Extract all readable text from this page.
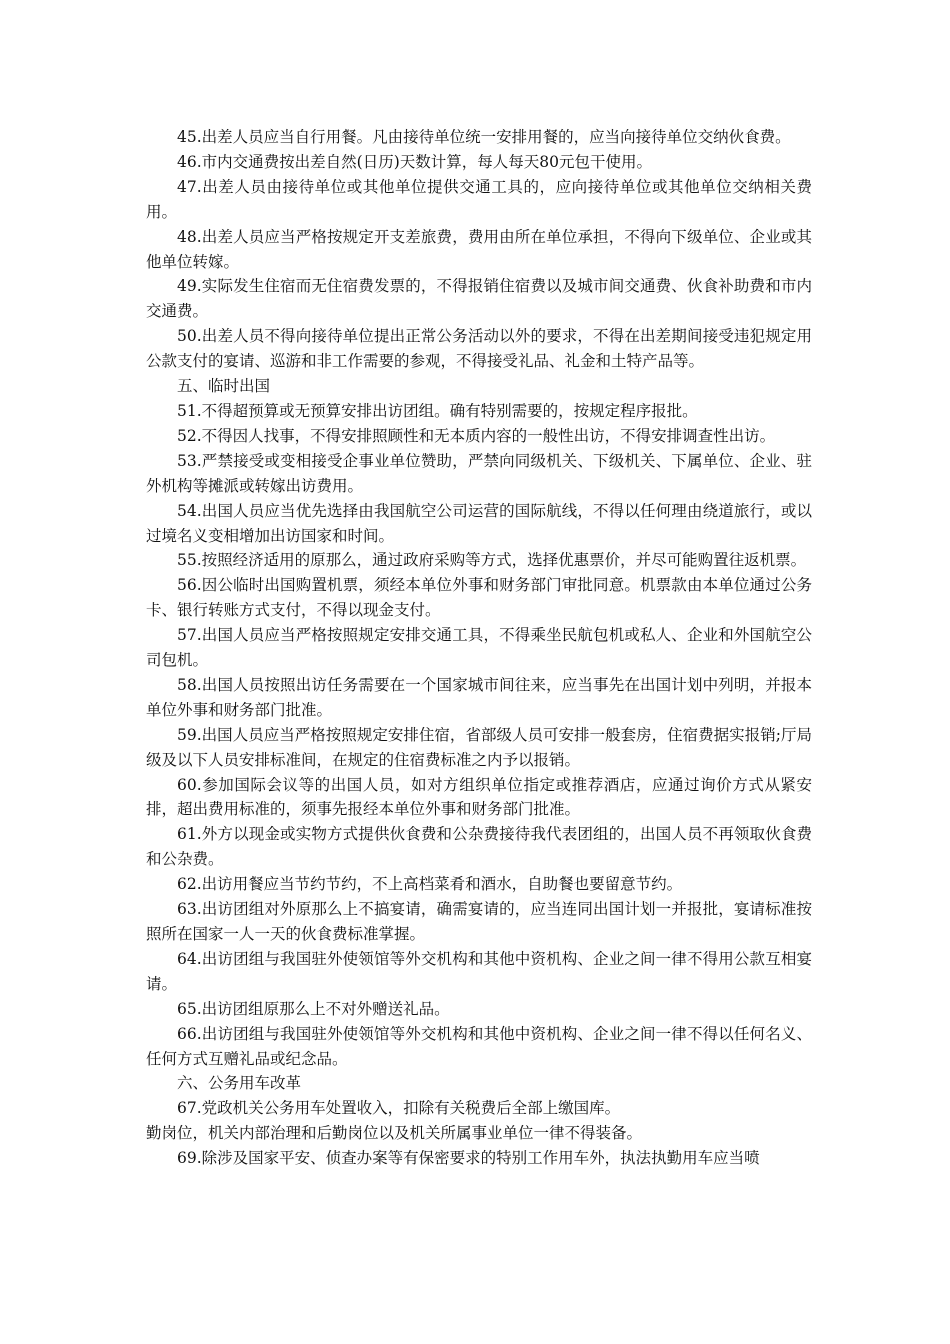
45.出差人员应当自行用餐。凡由接待单位统一安排用餐的，应当向接待单位交纳伙食费。

46.市内交通费按出差自然(日历)天数计算，每人每天80元包干使用。

47.出差人员由接待单位或其他单位提供交通工具的，应向接待单位或其他单位交纳相关费用。

48.出差人员应当严格按规定开支差旅费，费用由所在单位承担，不得向下级单位、企业或其他单位转嫁。

49.实际发生住宿而无住宿费发票的，不得报销住宿费以及城市间交通费、伙食补助费和市内交通费。

50.出差人员不得向接待单位提出正常公务活动以外的要求，不得在出差期间接受违犯规定用公款支付的宴请、巡游和非工作需要的参观，不得接受礼品、礼金和土特产品等。

五、临时出国

51.不得超预算或无预算安排出访团组。确有特别需要的，按规定程序报批。

52.不得因人找事，不得安排照顾性和无本质内容的一般性出访，不得安排调查性出访。

53.严禁接受或变相接受企事业单位赞助，严禁向同级机关、下级机关、下属单位、企业、驻外机构等摊派或转嫁出访费用。

54.出国人员应当优先选择由我国航空公司运营的国际航线，不得以任何理由绕道旅行，或以过境名义变相增加出访国家和时间。

55.按照经济适用的原那么，通过政府采购等方式，选择优惠票价，并尽可能购置往返机票。

56.因公临时出国购置机票，须经本单位外事和财务部门审批同意。机票款由本单位通过公务卡、银行转账方式支付，不得以现金支付。

57.出国人员应当严格按照规定安排交通工具，不得乘坐民航包机或私人、企业和外国航空公司包机。

58.出国人员按照出访任务需要在一个国家城市间往来，应当事先在出国计划中列明，并报本单位外事和财务部门批准。

59.出国人员应当严格按照规定安排住宿，省部级人员可安排一般套房，住宿费据实报销;厅局级及以下人员安排标准间，在规定的住宿费标准之内予以报销。

60.参加国际会议等的出国人员，如对方组织单位指定或推荐酒店，应通过询价方式从紧安排，超出费用标准的，须事先报经本单位外事和财务部门批准。

61.外方以现金或实物方式提供伙食费和公杂费接待我代表团组的，出国人员不再领取伙食费和公杂费。

62.出访用餐应当节约节约，不上高档菜肴和酒水，自助餐也要留意节约。

63.出访团组对外原那么上不搞宴请，确需宴请的，应当连同出国计划一并报批，宴请标准按照所在国家一人一天的伙食费标准掌握。

64.出访团组与我国驻外使领馆等外交机构和其他中资机构、企业之间一律不得用公款互相宴请。

65.出访团组原那么上不对外赠送礼品。

66.出访团组与我国驻外使领馆等外交机构和其他中资机构、企业之间一律不得以任何名义、任何方式互赠礼品或纪念品。

六、公务用车改革

67.党政机关公务用车处置收入，扣除有关税费后全部上缴国库。

勤岗位，机关内部治理和后勤岗位以及机关所属事业单位一律不得装备。

69.除涉及国家平安、侦查办案等有保密要求的特别工作用车外，执法执勤用车应当喷
